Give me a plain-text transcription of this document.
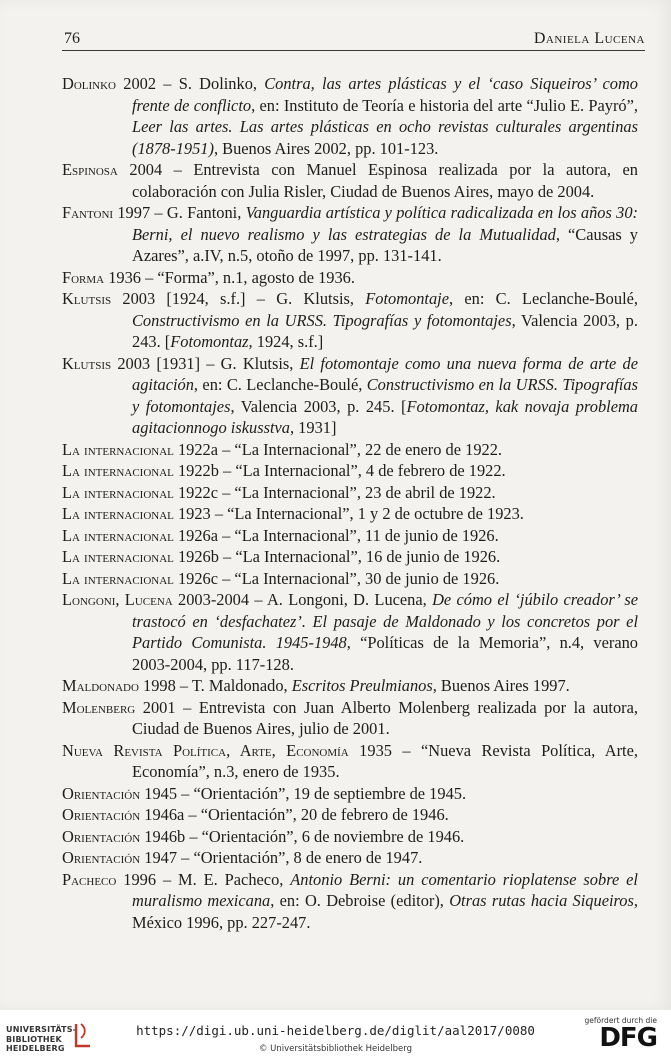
76	Daniela Lucena
Dolinko 2002 – S. Dolinko, Contra, las artes plásticas y el ‘caso Siqueiros’ como frente de conflicto, en: Instituto de Teoría e historia del arte “Julio E. Payró”, Leer las artes. Las artes plásticas en ocho revistas culturales argentinas (1878-1951), Buenos Aires 2002, pp. 101-123.
Espinosa 2004 – Entrevista con Manuel Espinosa realizada por la autora, en colaboración con Julia Risler, Ciudad de Buenos Aires, mayo de 2004.
Fantoni 1997 – G. Fantoni, Vanguardia artística y política radicalizada en los años 30: Berni, el nuevo realismo y las estrategias de la Mutualidad, “Causas y Azares”, a.IV, n.5, otoño de 1997, pp. 131-141.
Forma 1936 – “Forma”, n.1, agosto de 1936.
Klutsis 2003 [1924, s.f.] – G. Klutsis, Fotomontaje, en: C. Leclanche-Boulé, Constructivismo en la URSS. Tipografías y fotomontajes, Valencia 2003, p. 243. [Fotomontaz, 1924, s.f.]
Klutsis 2003 [1931] – G. Klutsis, El fotomontaje como una nueva forma de arte de agitación, en: C. Leclanche-Boulé, Constructivismo en la URSS. Tipografías y fotomontajes, Valencia 2003, p. 245. [Fotomontaz, kak novaja problema agitacionnogo iskusstva, 1931]
La internacional 1922a – “La Internacional”, 22 de enero de 1922.
La internacional 1922b – “La Internacional”, 4 de febrero de 1922.
La internacional 1922c – “La Internacional”, 23 de abril de 1922.
La internacional 1923 – “La Internacional”, 1 y 2 de octubre de 1923.
La internacional 1926a – “La Internacional”, 11 de junio de 1926.
La internacional 1926b – “La Internacional”, 16 de junio de 1926.
La internacional 1926c – “La Internacional”, 30 de junio de 1926.
Longoni, Lucena 2003-2004 – A. Longoni, D. Lucena, De cómo el ‘júbilo creador’ se trastocó en ‘desfachatez’. El pasaje de Maldonado y los concretos por el Partido Comunista. 1945-1948, “Políticas de la Memoria”, n.4, verano 2003-2004, pp. 117-128.
Maldonado 1998 – T. Maldonado, Escritos Preulmianos, Buenos Aires 1997.
Molenberg 2001 – Entrevista con Juan Alberto Molenberg realizada por la autora, Ciudad de Buenos Aires, julio de 2001.
Nueva Revista Política, Arte, Economía 1935 – “Nueva Revista Política, Arte, Economía”, n.3, enero de 1935.
Orientación 1945 – “Orientación”, 19 de septiembre de 1945.
Orientación 1946a – “Orientación”, 20 de febrero de 1946.
Orientación 1946b – “Orientación”, 6 de noviembre de 1946.
Orientación 1947 – “Orientación”, 8 de enero de 1947.
Pacheco 1996 – M. E. Pacheco, Antonio Berni: un comentario rioplatense sobre el muralismo mexicana, en: O. Debroise (editor), Otras rutas hacia Siqueiros, México 1996, pp. 227-247.
UNIVERSITÄTS-
BIBLIOTHEK
HEIDELBERG
https://digi.ub.uni-heidelberg.de/diglit/aal2017/0080
© Universitätsbibliothek Heidelberg
gefördert durch die
DFG
